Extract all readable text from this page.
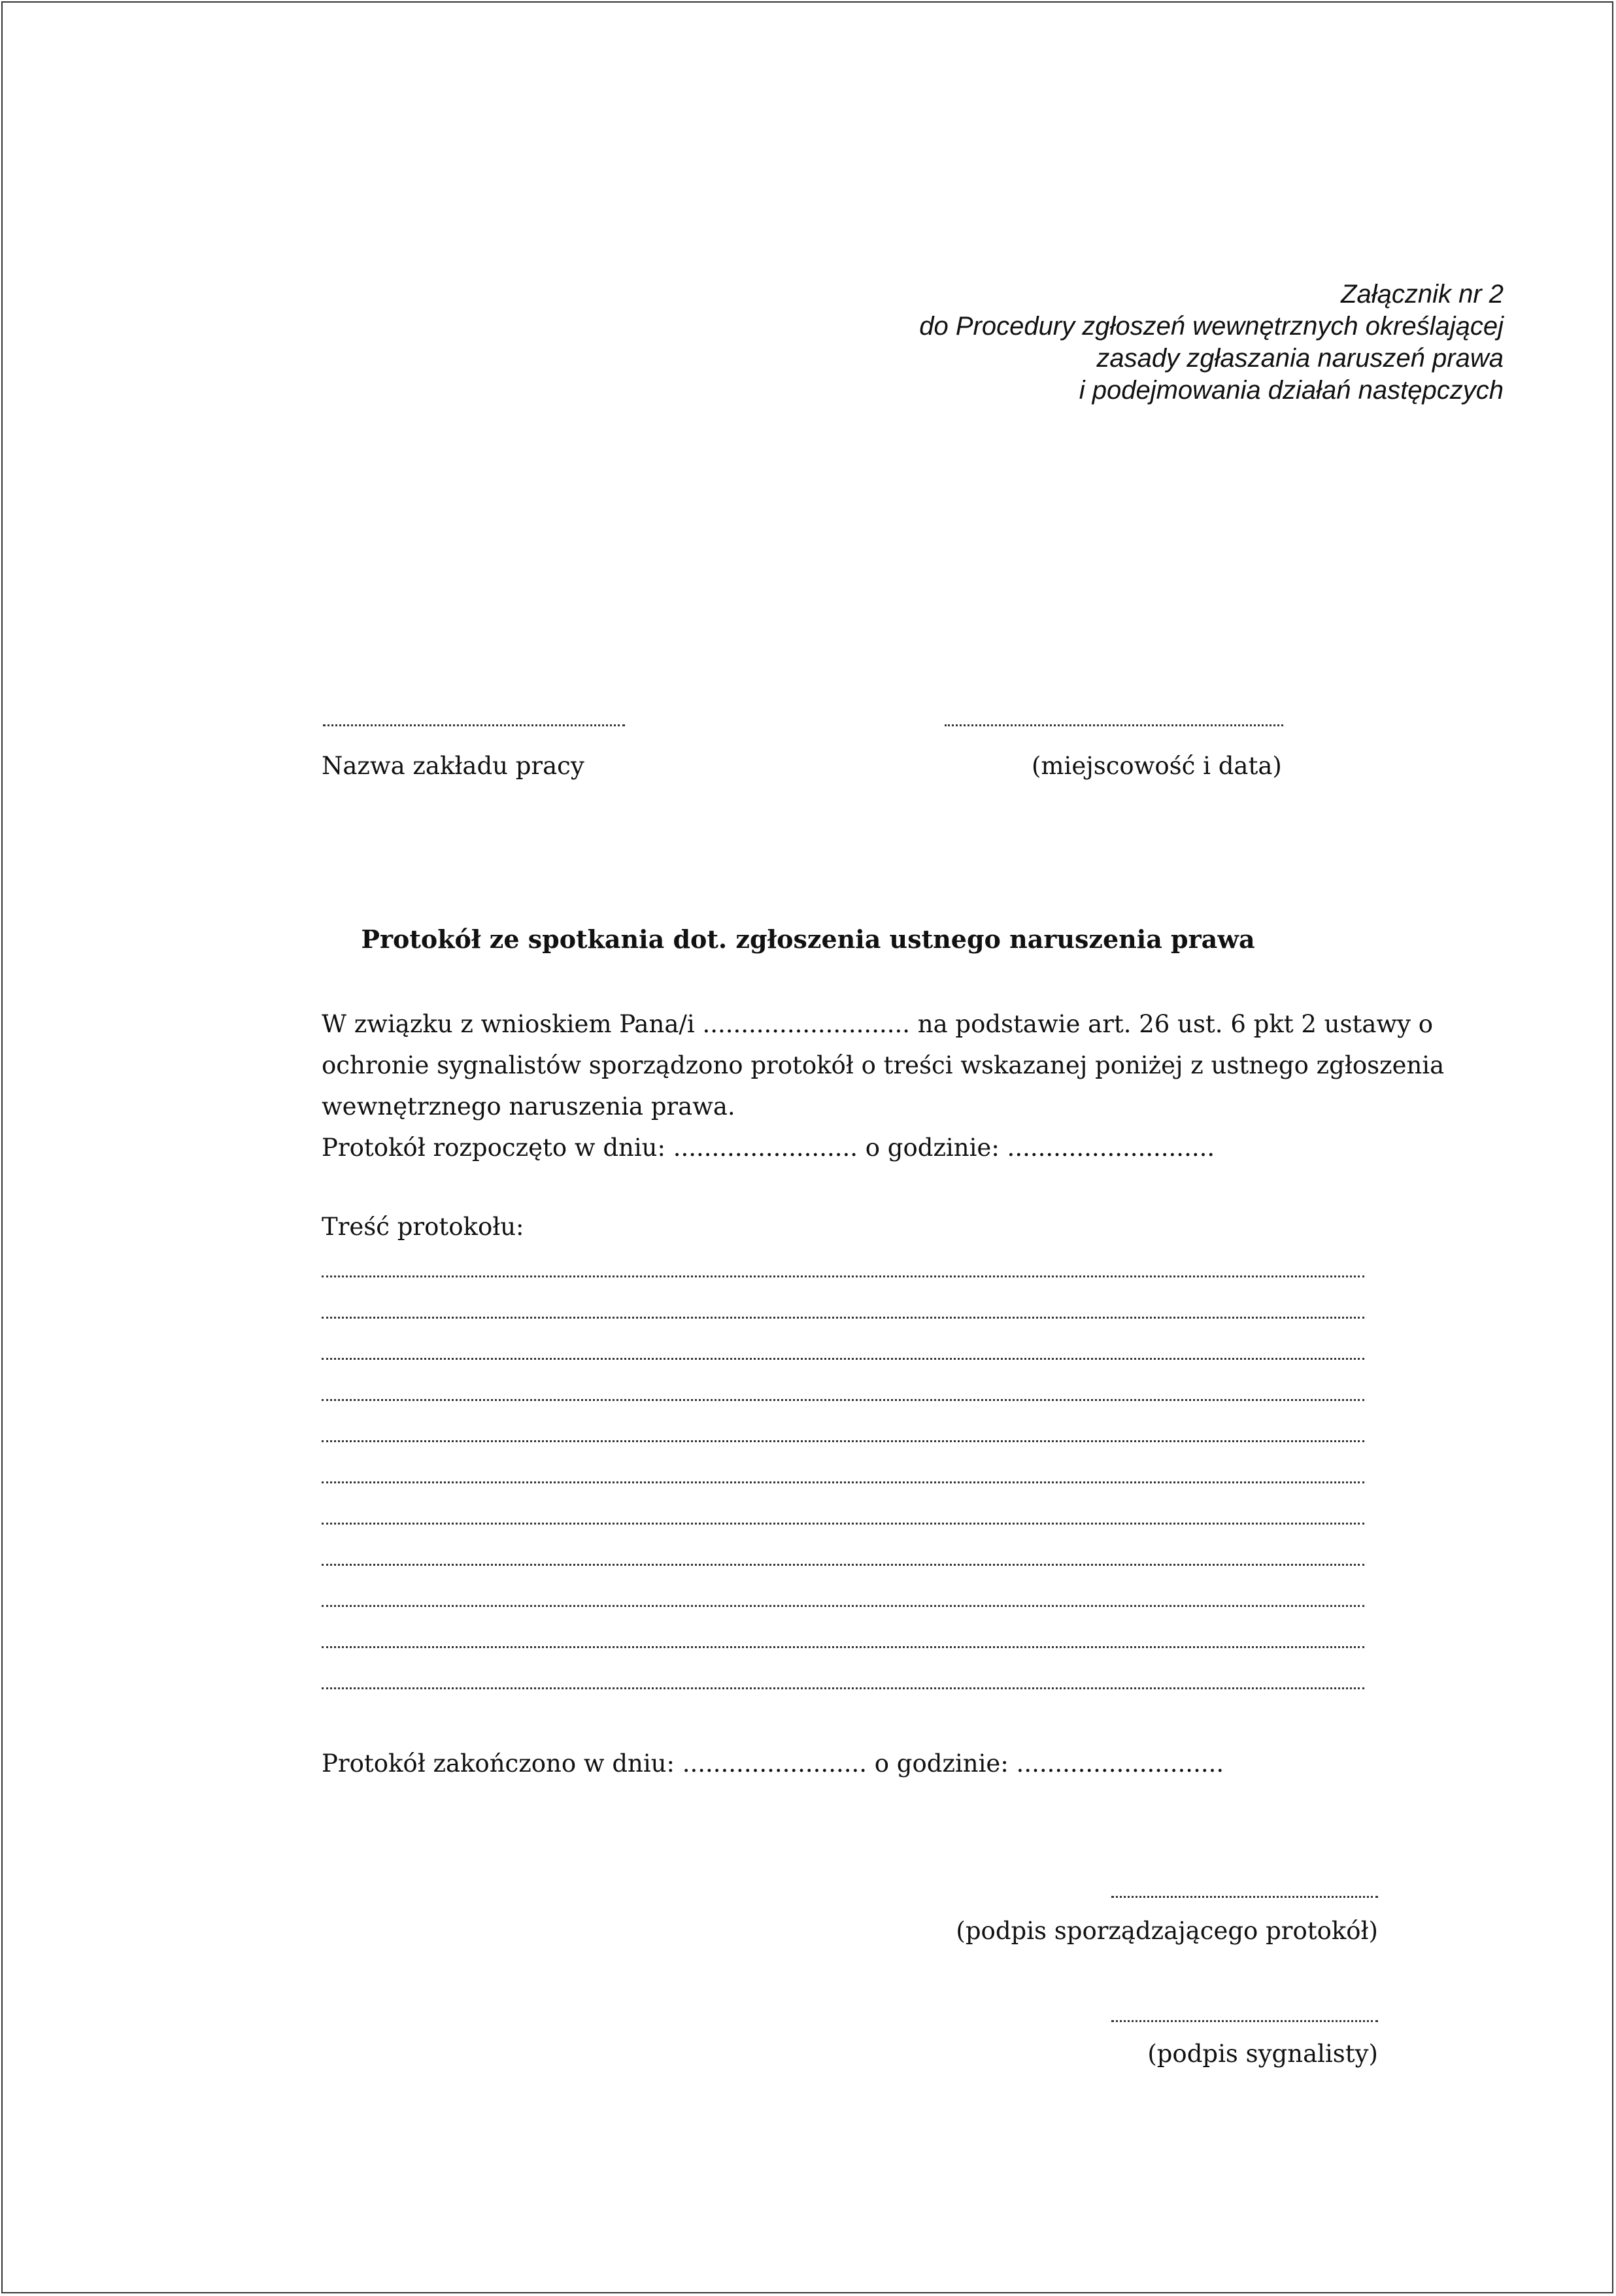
Załącznik nr 2
do Procedury zgłoszeń wewnętrznych określającej
zasady zgłaszania naruszeń prawa
i podejmowania działań następczych
Nazwa zakładu pracy	(miejscowość i data)
Protokół ze spotkania dot. zgłoszenia ustnego naruszenia prawa
W związku z wnioskiem Pana/i ........................... na podstawie art. 26 ust. 6 pkt 2 ustawy o
ochronie sygnalistów sporządzono protokół o treści wskazanej poniżej z ustnego zgłoszenia
wewnętrznego naruszenia prawa.
Protokół rozpoczęto w dniu: ........................ o godzinie: ...........................
Treść protokołu:
Protokół zakończono w dniu: ........................ o godzinie: ...........................
(podpis sporządzającego protokół)
(podpis sygnalisty)
